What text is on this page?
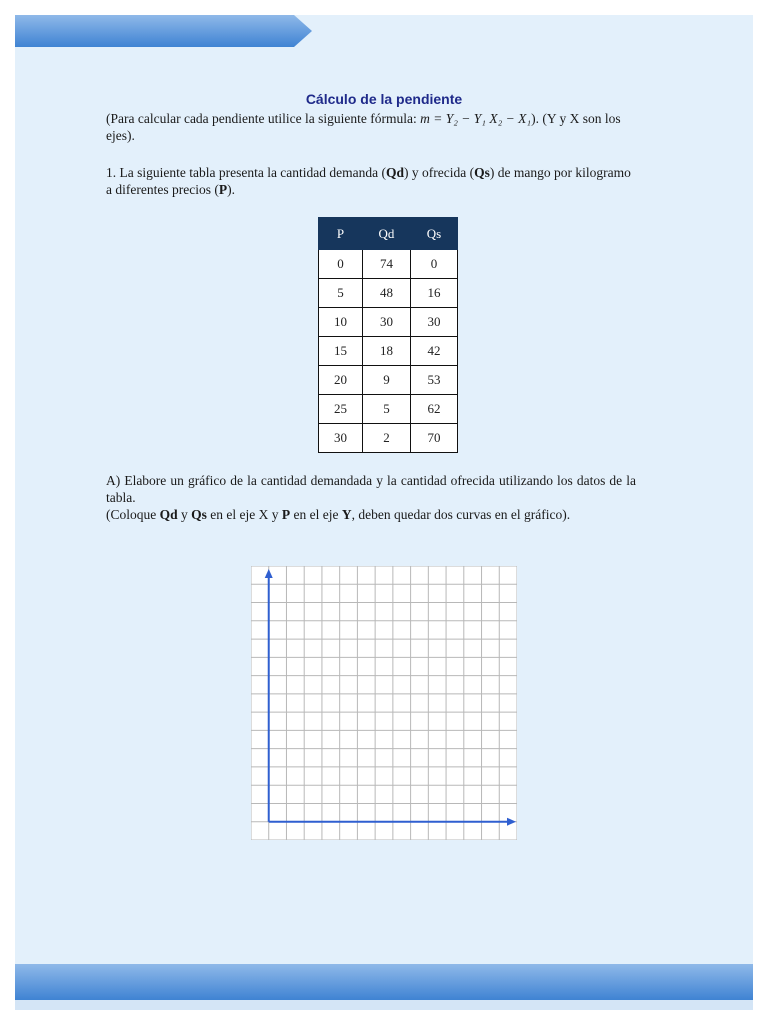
Cálculo de la pendiente

(Para calcular cada pendiente utilice la siguiente fórmula: m = Y₂ − Y₁ X₂ − X₁). (Y y X son los ejes).

1. La siguiente tabla presenta la cantidad demanda (Qd) y ofrecida (Qs) de mango por kilogramo a diferentes precios (P).

P	Qd	Qs
0	74	0
5	48	16
10	30	30
15	18	42
20	9	53
25	5	62
30	2	70

A) Elabore un gráfico de la cantidad demandada y la cantidad ofrecida utilizando los datos de la tabla.
(Coloque Qd y Qs en el eje X y P en el eje Y, deben quedar dos curvas en el gráfico).
